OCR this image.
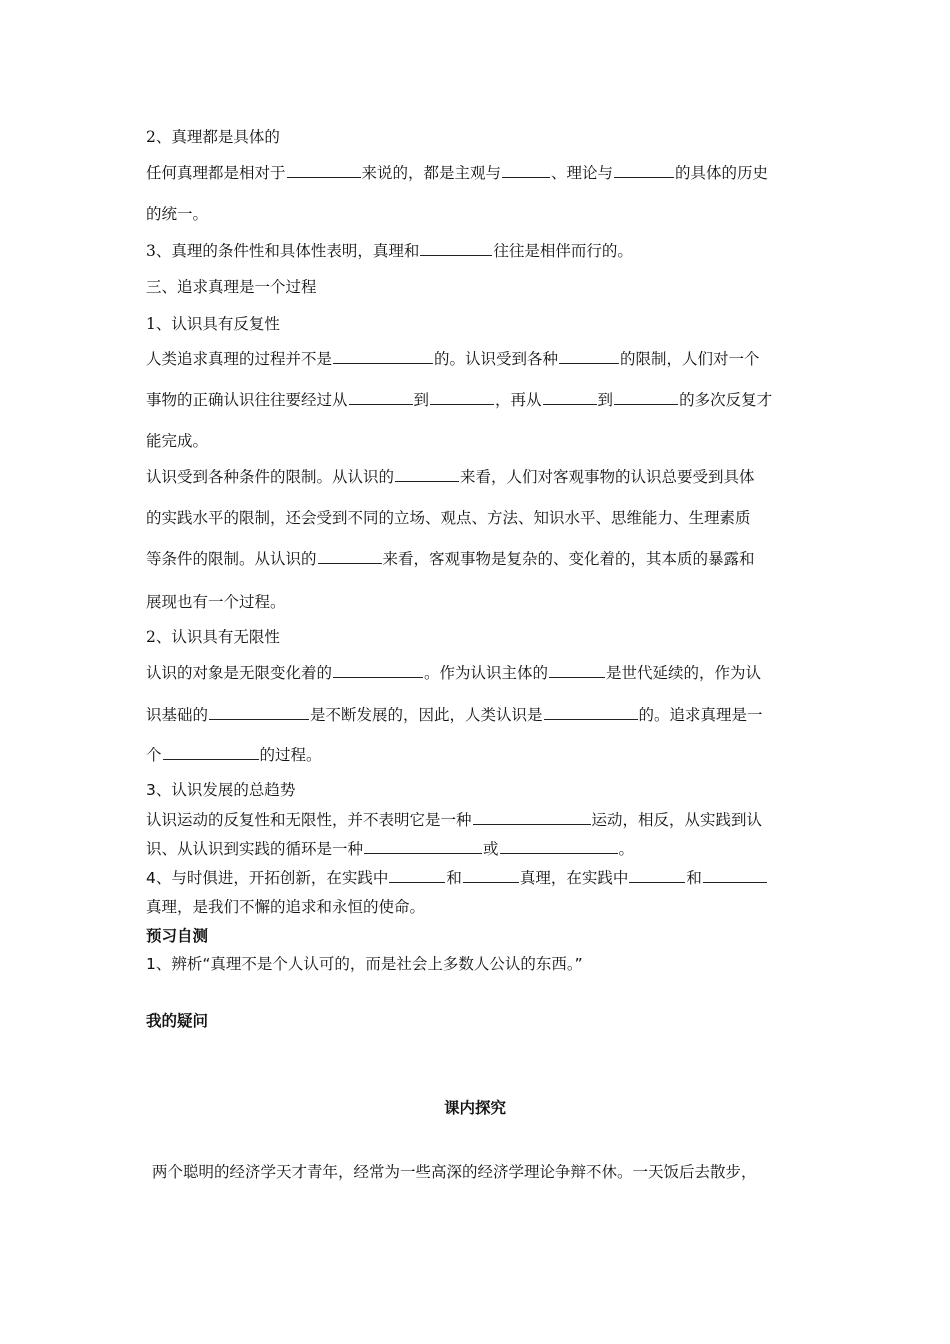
2、真理都是具体的
任何真理都是相对于	来说的，都是主观与	、理论与	的具体的历史
的统一。
3、真理的条件性和具体性表明，真理和	往往是相伴而行的。
三、追求真理是一个过程
1、认识具有反复性
人类追求真理的过程并不是	的。认识受到各种	的限制，人们对一个
事物的正确认识往往要经过从	到	，再从	到	的多次反复才
能完成。
认识受到各种条件的限制。从认识的	来看，人们对客观事物的认识总要受到具体
的实践水平的限制，还会受到不同的立场、观点、方法、知识水平、思维能力、生理素质
等条件的限制。从认识的	来看，客观事物是复杂的、变化着的，其本质的暴露和
展现也有一个过程。
2、认识具有无限性
认识的对象是无限变化着的	。作为认识主体的	是世代延续的，作为认
识基础的	是不断发展的，因此，人类认识是	的。追求真理是一
个	的过程。
3、认识发展的总趋势
认识运动的反复性和无限性，并不表明它是一种	运动，相反，从实践到认
识、从认识到实践的循环是一种	或	。
4、与时俱进，开拓创新，在实践中	和	真理，在实践中	和
真理，是我们不懈的追求和永恒的使命。
预习自测
1、辨析“真理不是个人认可的，而是社会上多数人公认的东西。”
我的疑问
课内探究
两个聪明的经济学天才青年，经常为一些高深的经济学理论争辩不休。一天饭后去散步，
